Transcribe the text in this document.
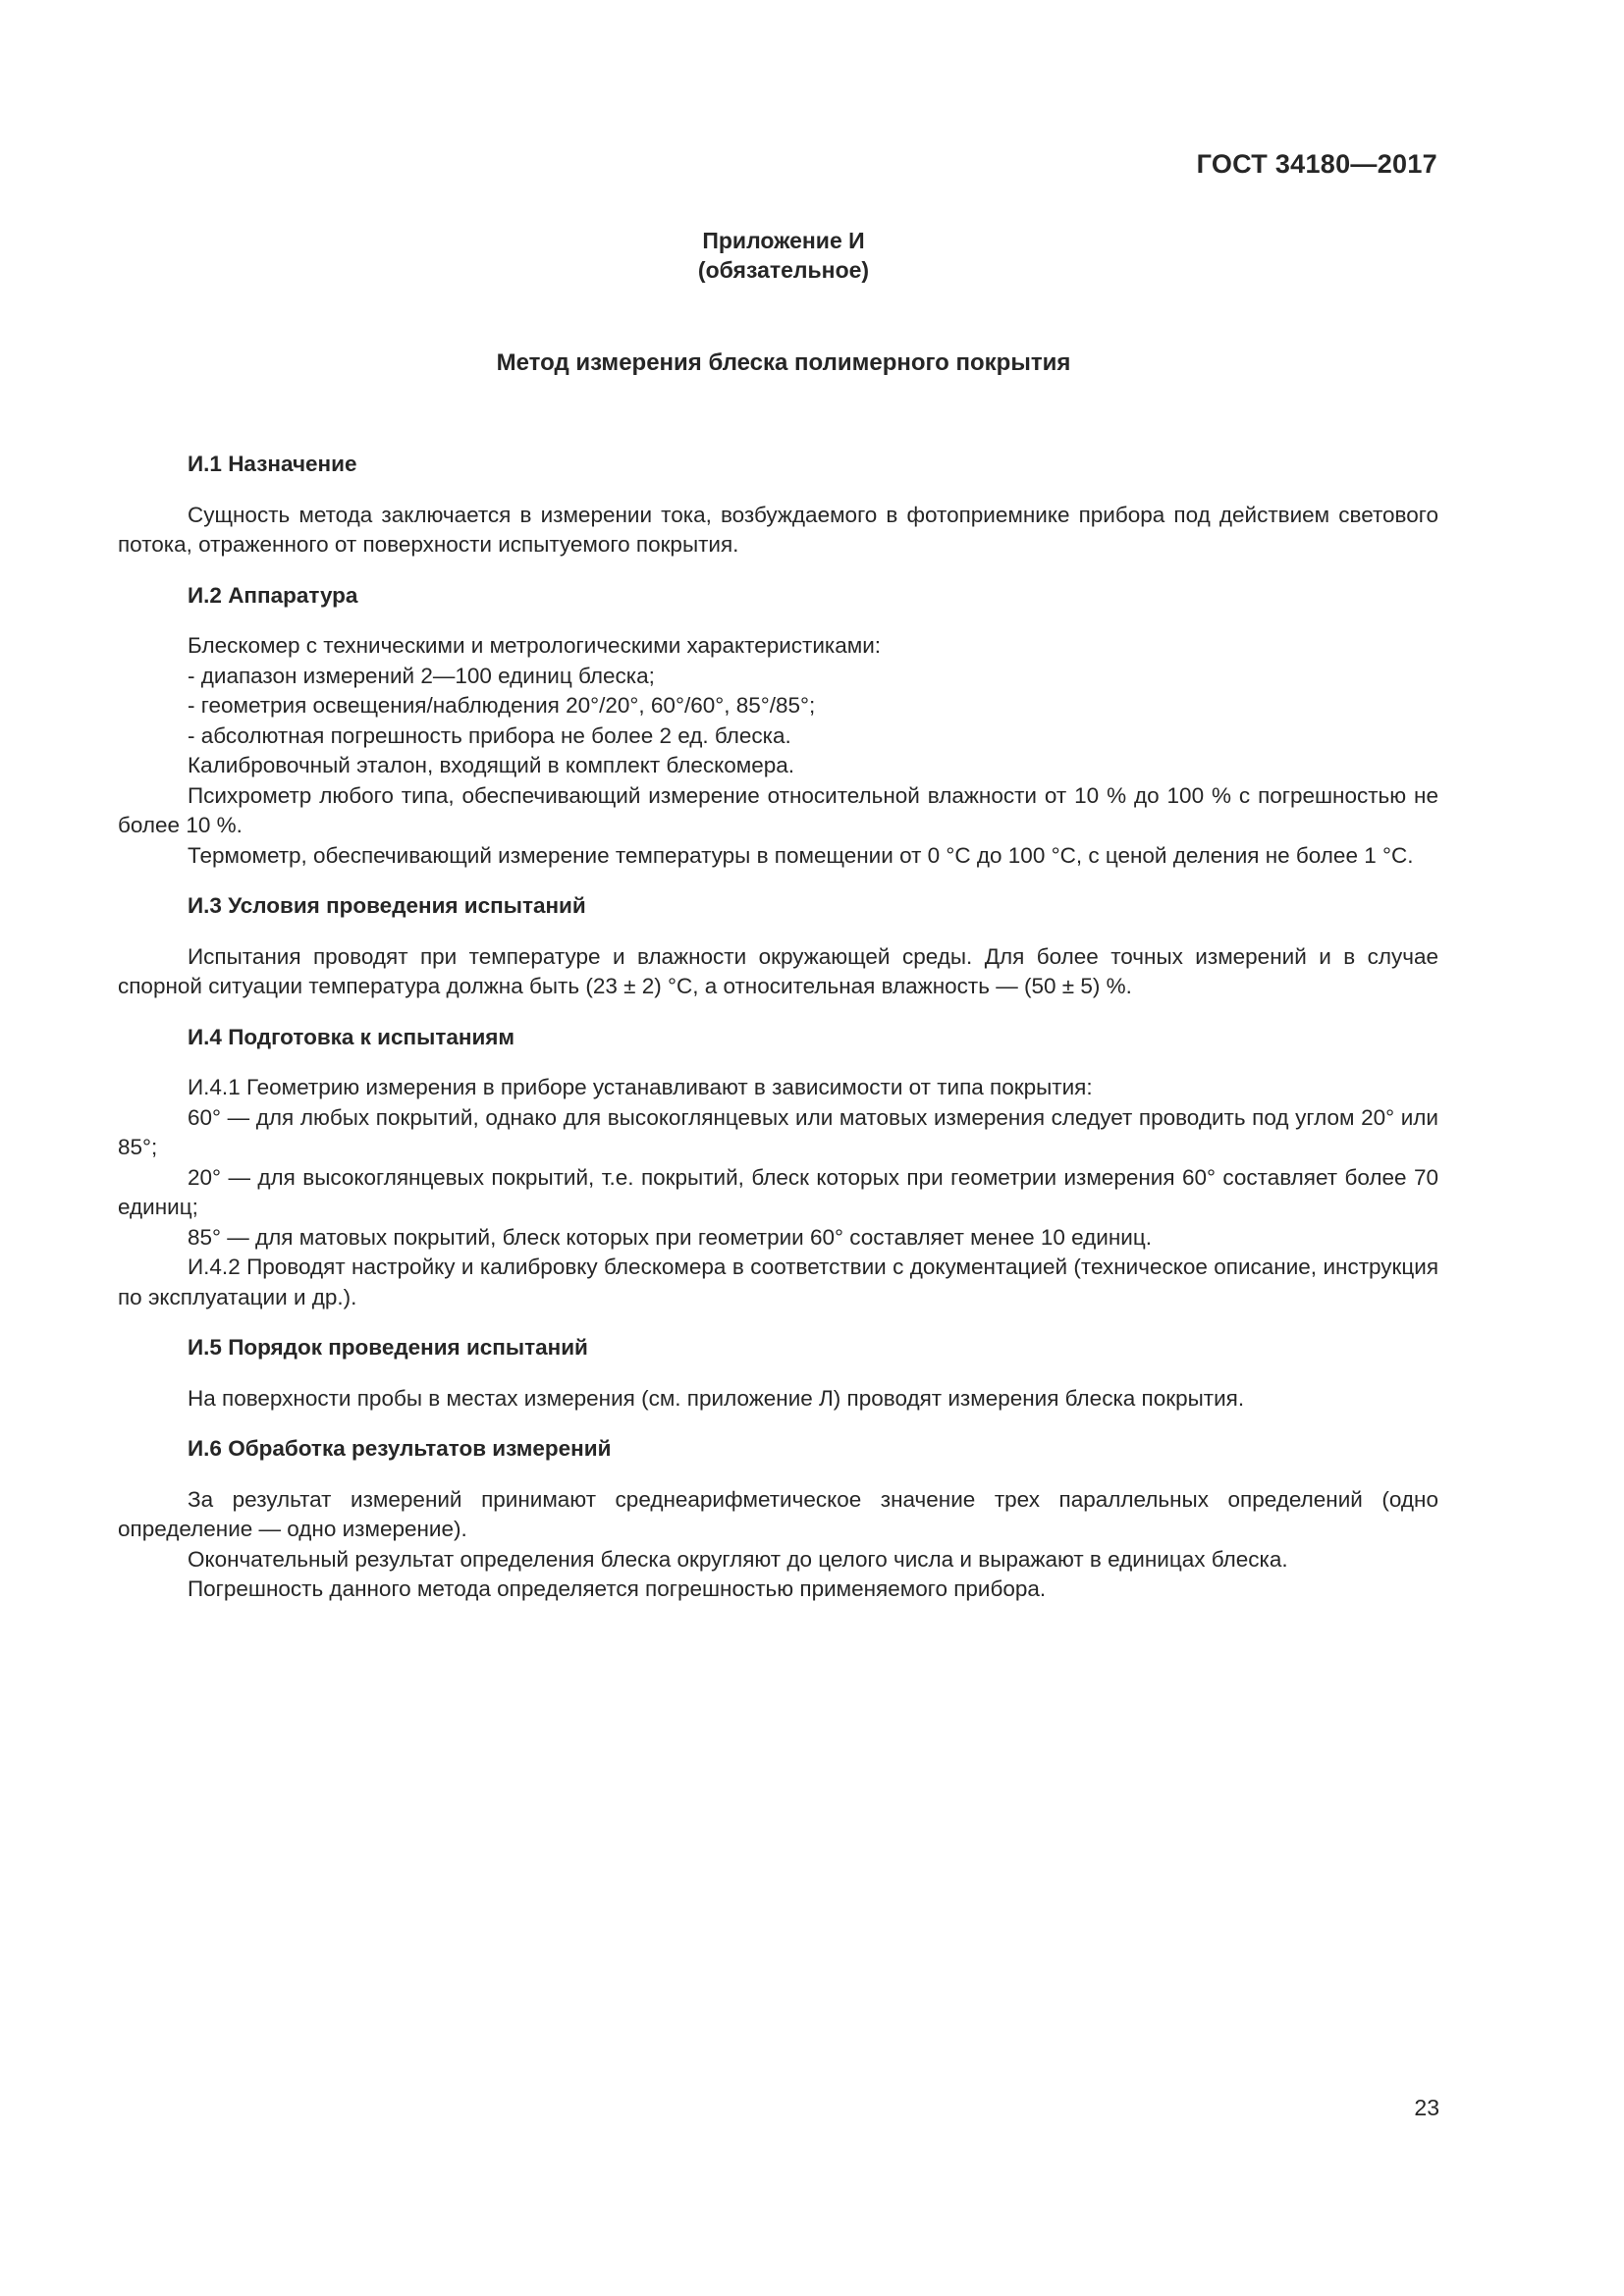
ГОСТ 34180—2017
Приложение И
(обязательное)
Метод измерения блеска полимерного покрытия
И.1 Назначение

Сущность метода заключается в измерении тока, возбуждаемого в фотоприемнике прибора под действием светового потока, отраженного от поверхности испытуемого покрытия.

И.2 Аппаратура

Блескомер с техническими и метрологическими характеристиками:

- диапазон измерений 2—100 единиц блеска;

- геометрия освещения/наблюдения 20°/20°, 60°/60°, 85°/85°;

- абсолютная погрешность прибора не более 2 ед. блеска.

Калибровочный эталон, входящий в комплект блескомера.

Психрометр любого типа, обеспечивающий измерение относительной влажности от 10 % до 100 % с погрешностью не более 10 %.

Термометр, обеспечивающий измерение температуры в помещении от 0 °С до 100 °С, с ценой деления не более 1 °С.

И.3 Условия проведения испытаний

Испытания проводят при температуре и влажности окружающей среды. Для более точных измерений и в случае спорной ситуации температура должна быть (23 ± 2) °С, а относительная влажность — (50 ± 5) %.

И.4 Подготовка к испытаниям

И.4.1 Геометрию измерения в приборе устанавливают в зависимости от типа покрытия:

60° — для любых покрытий, однако для высокоглянцевых или матовых измерения следует проводить под углом 20° или 85°;

20° — для высокоглянцевых покрытий, т.е. покрытий, блеск которых при геометрии измерения 60° составляет более 70 единиц;

85° — для матовых покрытий, блеск которых при геометрии 60° составляет менее 10 единиц.

И.4.2 Проводят настройку и калибровку блескомера в соответствии с документацией (техническое описание, инструкция по эксплуатации и др.).

И.5 Порядок проведения испытаний

На поверхности пробы в местах измерения (см. приложение Л) проводят измерения блеска покрытия.

И.6 Обработка результатов измерений

За результат измерений принимают среднеарифметическое значение трех параллельных определений (одно определение — одно измерение).

Окончательный результат определения блеска округляют до целого числа и выражают в единицах блеска.

Погрешность данного метода определяется погрешностью применяемого прибора.

23
